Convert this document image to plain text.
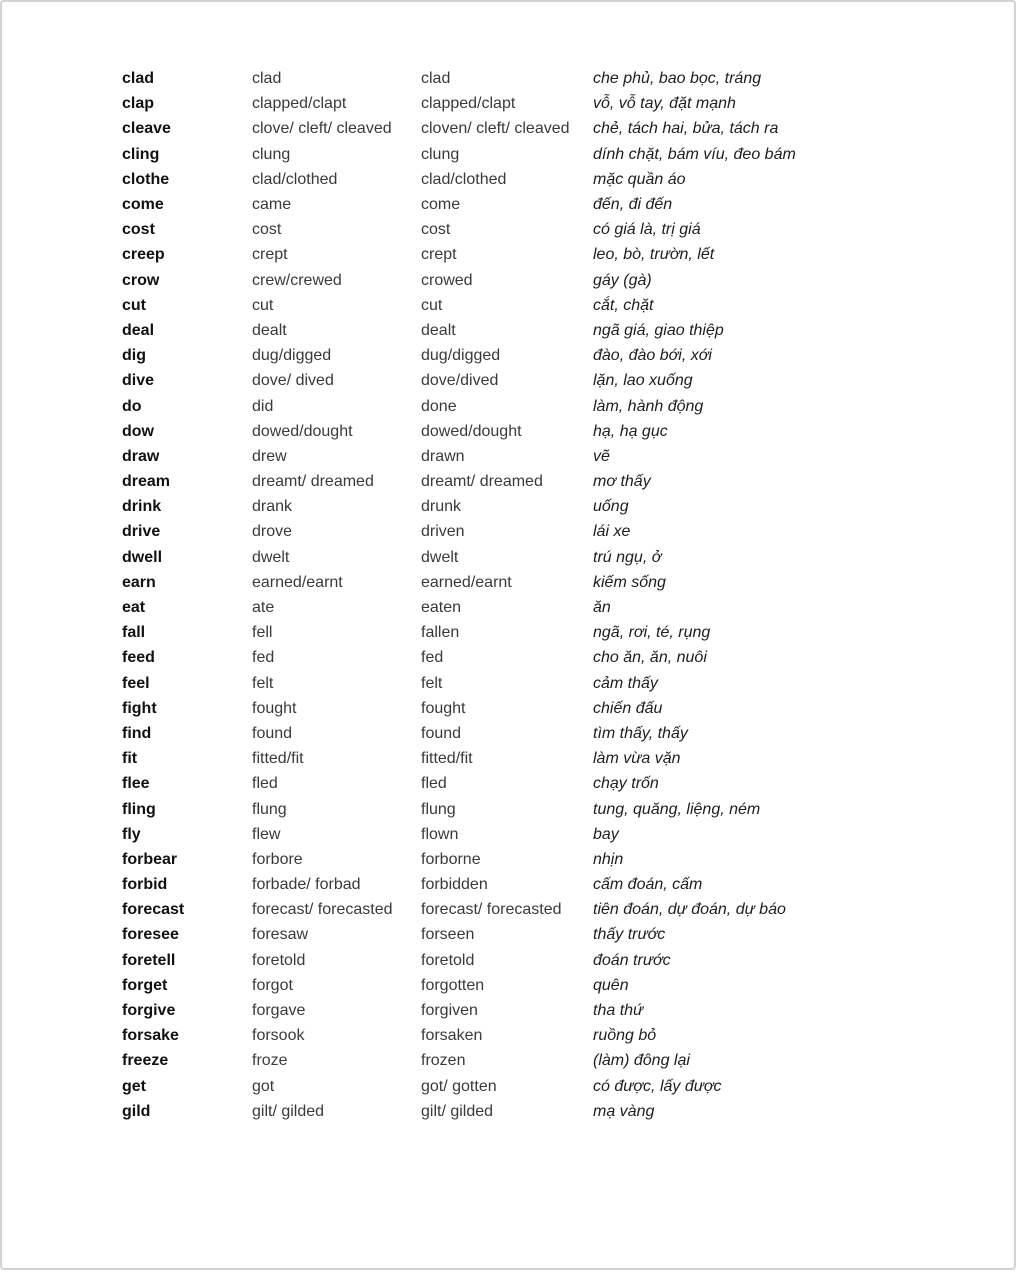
clad	clad	clad	che phủ, bao bọc, tráng
clap	clapped/clapt	clapped/clapt	vỗ, vỗ tay, đặt mạnh
cleave	clove/ cleft/ cleaved	cloven/ cleft/ cleaved	chẻ, tách hai, bửa, tách ra
cling	clung	clung	dính chặt, bám víu, đeo bám
clothe	clad/clothed	clad/clothed	mặc quần áo
come	came	come	đến, đi đến
cost	cost	cost	có giá là, trị giá
creep	crept	crept	leo, bò, trườn, lết
crow	crew/crewed	crowed	gáy (gà)
cut	cut	cut	cắt, chặt
deal	dealt	dealt	ngã giá, giao thiệp
dig	dug/digged	dug/digged	đào, đào bới, xới
dive	dove/ dived	dove/dived	lặn, lao xuống
do	did	done	làm, hành động
dow	dowed/dought	dowed/dought	hạ, hạ gục
draw	drew	drawn	vẽ
dream	dreamt/ dreamed	dreamt/ dreamed	mơ thấy
drink	drank	drunk	uống
drive	drove	driven	lái xe
dwell	dwelt	dwelt	trú ngụ, ở
earn	earned/earnt	earned/earnt	kiếm sống
eat	ate	eaten	ăn
fall	fell	fallen	ngã, rơi, té, rụng
feed	fed	fed	cho ăn, ăn, nuôi
feel	felt	felt	cảm thấy
fight	fought	fought	chiến đấu
find	found	found	tìm thấy, thấy
fit	fitted/fit	fitted/fit	làm vừa vặn
flee	fled	fled	chạy trốn
fling	flung	flung	tung, quăng, liệng, ném
fly	flew	flown	bay
forbear	forbore	forborne	nhịn
forbid	forbade/ forbad	forbidden	cấm đoán, cấm
forecast	forecast/ forecasted	forecast/ forecasted	tiên đoán, dự đoán, dự báo
foresee	foresaw	forseen	thấy trước
foretell	foretold	foretold	đoán trước
forget	forgot	forgotten	quên
forgive	forgave	forgiven	tha thứ
forsake	forsook	forsaken	ruồng bỏ
freeze	froze	frozen	(làm) đông lại
get	got	got/ gotten	có được, lấy được
gild	gilt/ gilded	gilt/ gilded	mạ vàng
